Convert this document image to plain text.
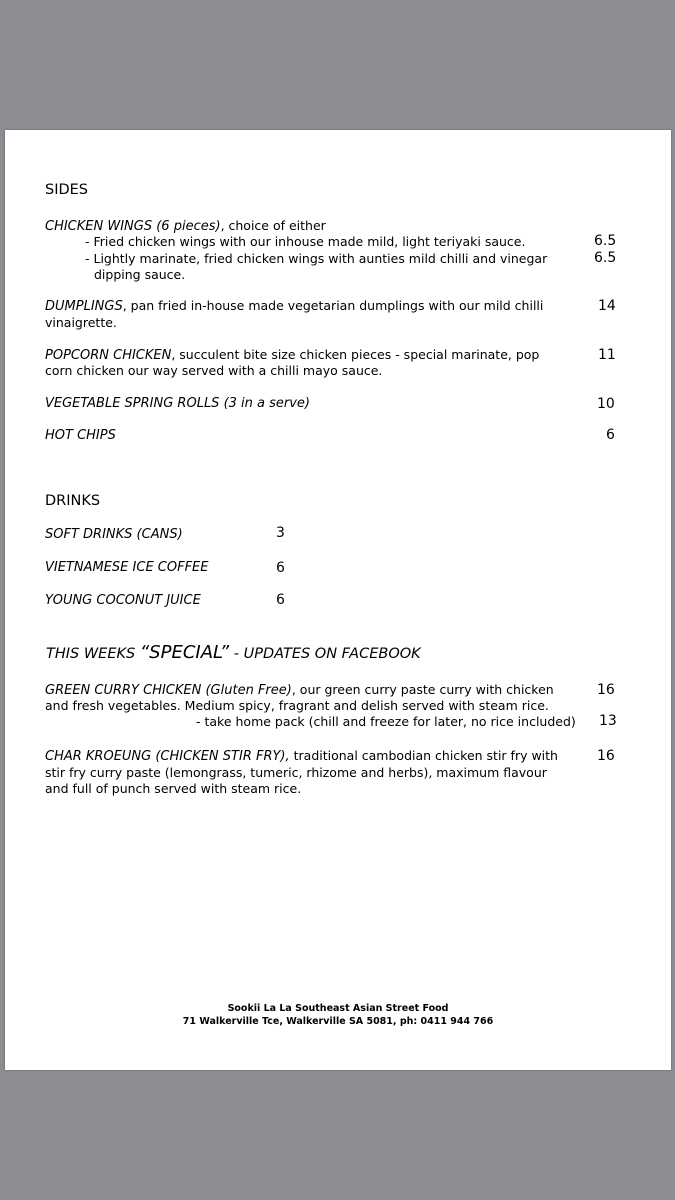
SIDES
CHICKEN WINGS (6 pieces), choice of either
- Fried chicken wings with our inhouse made mild, light teriyaki sauce.	6.5
- Lightly marinate, fried chicken wings with aunties mild chilli and vinegar	6.5
dipping sauce.
DUMPLINGS, pan fried in-house made vegetarian dumplings with our mild chilli
vinaigrette.
14
POPCORN CHICKEN, succulent bite size chicken pieces - special marinate, pop
corn chicken our way served with a chilli mayo sauce.
11
VEGETABLE SPRING ROLLS (3 in a serve)	10
HOT CHIPS	6
DRINKS
SOFT DRINKS (CANS)	3
VIETNAMESE ICE COFFEE	6
YOUNG COCONUT JUICE	6
THIS WEEKS “SPECIAL” - UPDATES ON FACEBOOK
GREEN CURRY CHICKEN (Gluten Free), our green curry paste curry with chicken
and fresh vegetables. Medium spicy, fragrant and delish served with steam rice.
- take home pack (chill and freeze for later, no rice included)
16
13
CHAR KROEUNG (CHICKEN STIR FRY), traditional cambodian chicken stir fry with
stir fry curry paste (lemongrass, tumeric, rhizome and herbs), maximum flavour
and full of punch served with steam rice.
16
Sookii La La Southeast Asian Street Food
71 Walkerville Tce, Walkerville SA 5081, ph: 0411 944 766
